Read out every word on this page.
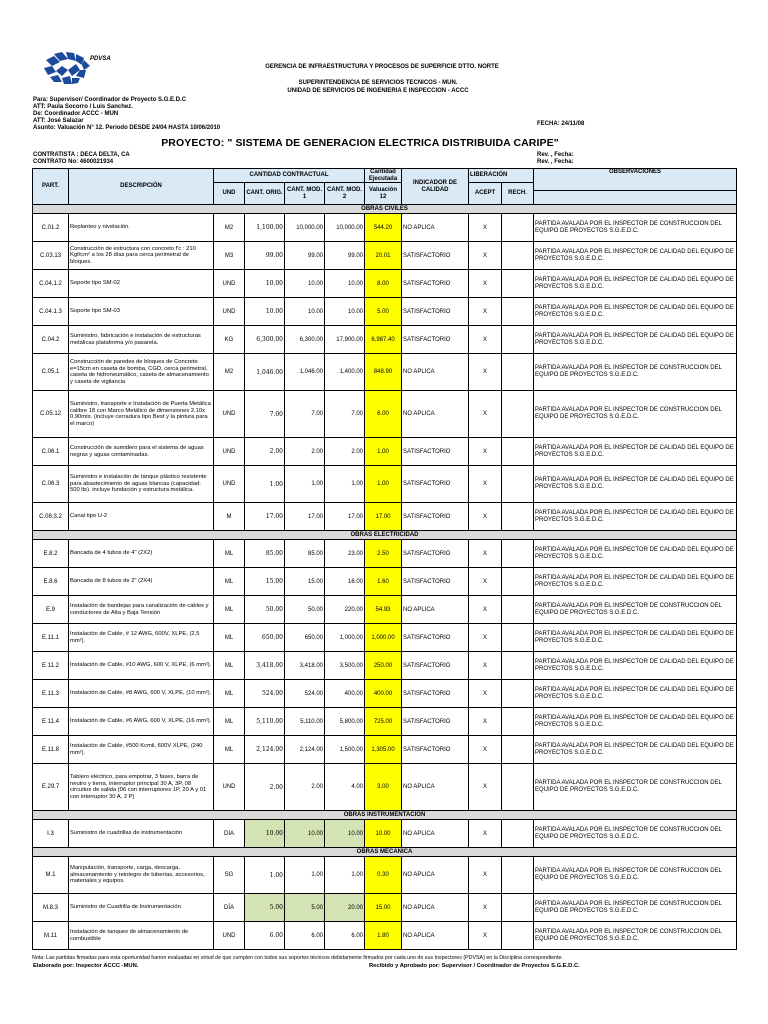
PDVSA
GERENCIA DE INFRAESTRUCTURA Y PROCESOS DE SUPERFICIE DTTO. NORTE
SUPERINTENDENCIA DE SERVICIOS TECNICOS - MUN.
UNIDAD DE SERVICIOS DE INGENIERIA E INSPECCION - ACCC
Para: Supervisor/ Coordinador de Proyecto S.G.E.D.C
ATT: Paula Socorro / Luis Sanchez.
De: Coordinador ACCC - MUN
ATT: José Salazar
Asunto: Valuación N° 12. Periodo DESDE 24/04 HASTA 10/06/2010
FECHA: 24/11/08
PROYECTO: " SISTEMA DE GENERACION ELECTRICA DISTRIBUIDA CARIPE"
CONTRATISTA : DECA DELTA, CA
CONTRATO No: 4600021934
Rev. , Fecha:
Rev. , Fecha:
PART.	DESCRIPCIÓN	CANTIDAD CONTRACTUAL				Cantidad Ejecutada	INDICADOR DE CALIDAD	LIBERACIÓN		OBSERVACIONES
		UND	CANT. ORIG.	CANT. MOD. 1	CANT. MOD. 2	Valuación 12		ACEPT	RECH.	

OBRAS CIVILES										
C.01.2	Replanteo y nivelación.	M2	1,100.00	10,000.00	10,000.00	544.20	NO APLICA	X		PARTIDA AVALADA POR EL INSPECTOR DE CONSTRUCCION DEL EQUIPO DE PROYECTOS S.G.E.D.C.
C.03.13	Construcción de estructura con concreto f'c : 210 Kgf/cm² a los 28 días para cerca perimetral de bloques.	M3	99.00	99.00	99.00	20.01	SATISFACTORIO	X		PARTIDA AVALADA POR EL INSPECTOR DE CALIDAD DEL EQUIPO DE PROYECTOS S.G.E.D.C.
C.04.1.2	Soporte tipo SM-02	UND	10.00	10.00	10.00	8.00	SATISFACTORIO	X		PARTIDA AVALADA POR EL INSPECTOR DE CALIDAD DEL EQUIPO DE PROYECTOS S.G.E.D.C.
C.04.1.3	Soporte tipo SM-03	UND	10.00	10.00	10.00	5.00	SATISFACTORIO	X		PARTIDA AVALADA POR EL INSPECTOR DE CALIDAD DEL EQUIPO DE PROYECTOS S.G.E.D.C.
C.04.2	Suministro, fabricación e instalación de estructuras metálicas plataforma y/o pasarela.	KG	6,300.00	6,300.00	17,900.00	6,987.40	SATISFACTORIO	X		PARTIDA AVALADA POR EL INSPECTOR DE CALIDAD DEL EQUIPO DE PROYECTOS S.G.E.D.C.
C.05.1	Construcción de paredes de bloques de Concreto e=15cm en caseta de bomba, CGD, cerca perimetral, caseta de hidroneumático, caseta de almacenamiento y caseta de vigilancia	M2	1,046.00	1,046.00	1,400.00	848.90	NO APLICA	X		PARTIDA AVALADA POR EL INSPECTOR DE CONSTRUCCION DEL EQUIPO DE PROYECTOS S.G.E.D.C.
C.05.12	Suministro, transporte e Instalación de Puerta Metálica calibre 18 con Marco Metálico de dimensiones 2.10x 0.90mts. (incluye cerradura tipo Best y la pintura para el marco)	UND	7.00	7.00	7.00	6.00	NO APLICA	X		PARTIDA AVALADA POR EL INSPECTOR DE CONSTRUCCION DEL EQUIPO DE PROYECTOS S.G.E.D.C.
C.06.1	Construcción de sumidero para el sistema de aguas negras y aguas contaminadas.	UND	2.00	2.00	2.00	1.00	SATISFACTORIO	X		PARTIDA AVALADA POR EL INSPECTOR DE CALIDAD DEL EQUIPO DE PROYECTOS S.G.E.D.C.
C.06.3	Suministro e instalación de tanque plástico resistente para abastecimiento de aguas blancas (capacidad: 500 lts). incluye fundación y estructura metálica.	UND	1.00	1.00	1.00	1.00	SATISFACTORIO	X		PARTIDA AVALADA POR EL INSPECTOR DE CALIDAD DEL EQUIPO DE PROYECTOS S.G.E.D.C.
C.08.3.2	Canal tipo U-2	M	17.00	17.00	17.00	17.00	SATISFACTORIO	X		PARTIDA AVALADA POR EL INSPECTOR DE CALIDAD DEL EQUIPO DE PROYECTOS S.G.E.D.C.
OBRAS ELECTRICIDAD										
E.8.2	Bancada de 4 tubos de 4" (2X2)	ML	85.00	85.00	23.00	2.50	SATISFACTORIO	X		PARTIDA AVALADA POR EL INSPECTOR DE CALIDAD DEL EQUIPO DE PROYECTOS S.G.E.D.C.
E.8.6	Bancada de 8 tubos de 2" (2X4)	ML	15.00	15.00	16.00	1.60	SATISFACTORIO	X		PARTIDA AVALADA POR EL INSPECTOR DE CALIDAD DEL EQUIPO DE PROYECTOS S.G.E.D.C.
E.9	Instalación de bandejas para canalización de cables y conductores de Alta y Baja Tensión	ML	50.00	50.00	220.00	54.93	NO APLICA	X		PARTIDA AVALADA POR EL INSPECTOR DE CONSTRUCCION DEL EQUIPO DE PROYECTOS S.G.E.D.C.
E.11.1	Instalación de Cable, # 12 AWG, 600V, XLPE, (2,5 mm²).	ML	650.00	650.00	1,000.00	1,000.00	SATISFACTORIO	X		PARTIDA AVALADA POR EL INSPECTOR DE CALIDAD DEL EQUIPO DE PROYECTOS S.G.E.D.C.
E.11.2	Instalación de Cable, #10 AWG, 600 V, XLPE, (6 mm²).	ML	3,418.00	3,418.00	3,500.00	250.00	SATISFACTORIO	X		PARTIDA AVALADA POR EL INSPECTOR DE CALIDAD DEL EQUIPO DE PROYECTOS S.G.E.D.C.
E.11.3	Instalación de Cable, #8 AWG, 600 V, XLPE, (10 mm²).	ML	524.00	524.00	400.00	400.00	SATISFACTORIO	X		PARTIDA AVALADA POR EL INSPECTOR DE CALIDAD DEL EQUIPO DE PROYECTOS S.G.E.D.C.
E.11.4	Instalación de Cable, #6 AWG, 600 V, XLPE, (16 mm²).	ML	5,110.00	5,110.00	5,800.00	725.00	SATISFACTORIO	X		PARTIDA AVALADA POR EL INSPECTOR DE CALIDAD DEL EQUIPO DE PROYECTOS S.G.E.D.C.
E.11.8	Instalación de Cable, #500 Kcmil, 600V XLPE, (240 mm²).	ML	2,124.00	2,124.00	1,500.00	1,305.00	SATISFACTORIO	X		PARTIDA AVALADA POR EL INSPECTOR DE CALIDAD DEL EQUIPO DE PROYECTOS S.G.E.D.C.
E.29.7	Tablero eléctrico, para empotrar, 3 fases, barra de neutro y tierra, interruptor principal 30 A, 3P, 08 circuitos de salida (06 con interruptores 1P, 20 A y 01 con interruptor 30 A, 2 P)	UND	2.00	2.00	4.00	3.00	NO APLICA	X		PARTIDA AVALADA POR EL INSPECTOR DE CONSTRUCCION DEL EQUIPO DE PROYECTOS S.G.E.D.C.
OBRAS INSTRUMENTACION										
I.3	Suministro de cuadrillas de instrumentación	DIA	10.00	10.00	10.00	10.00	NO APLICA	X		PARTIDA AVALADA POR EL INSPECTOR DE CONSTRUCCION DEL EQUIPO DE PROYECTOS S.G.E.D.C.
OBRAS MECANICA										
M.1	Manipulación, transporte, carga, descarga, almacenamiento y reintegro de tuberías, accesorios, materiales y equipos.	SG	1.00	1.00	1.00	0.30	NO APLICA	X		PARTIDA AVALADA POR EL INSPECTOR DE CONSTRUCCION DEL EQUIPO DE PROYECTOS S.G.E.D.C.
M.8.3	Suministro de Cuadrilla de Instrumentación	DÍA	5.00	5.00	20.00	15.00	NO APLICA	X		PARTIDA AVALADA POR EL INSPECTOR DE CONSTRUCCION DEL EQUIPO DE PROYECTOS S.G.E.D.C.
M.11	Instalación de tanques de almacenamiento de combustible	UND	6.00	6.00	6.00	1.80	NO APLICA	X		PARTIDA AVALADA POR EL INSPECTOR DE CONSTRUCCION DEL EQUIPO DE PROYECTOS S.G.E.D.C.
Nota: Las partidas firmadas para esta oportunidad fueron evaluadas en virtud de que cumplen con todos sus soportes técnicos debidamente firmados por cada uno de sus Inspectores (PDVSA) en la Disciplina correspondiente.
Elaborado por: Inspector ACCC -MUN.	Recibido y Aprobado por: Supervisor / Coordinador de Proyectos S.G.E.D.C.
